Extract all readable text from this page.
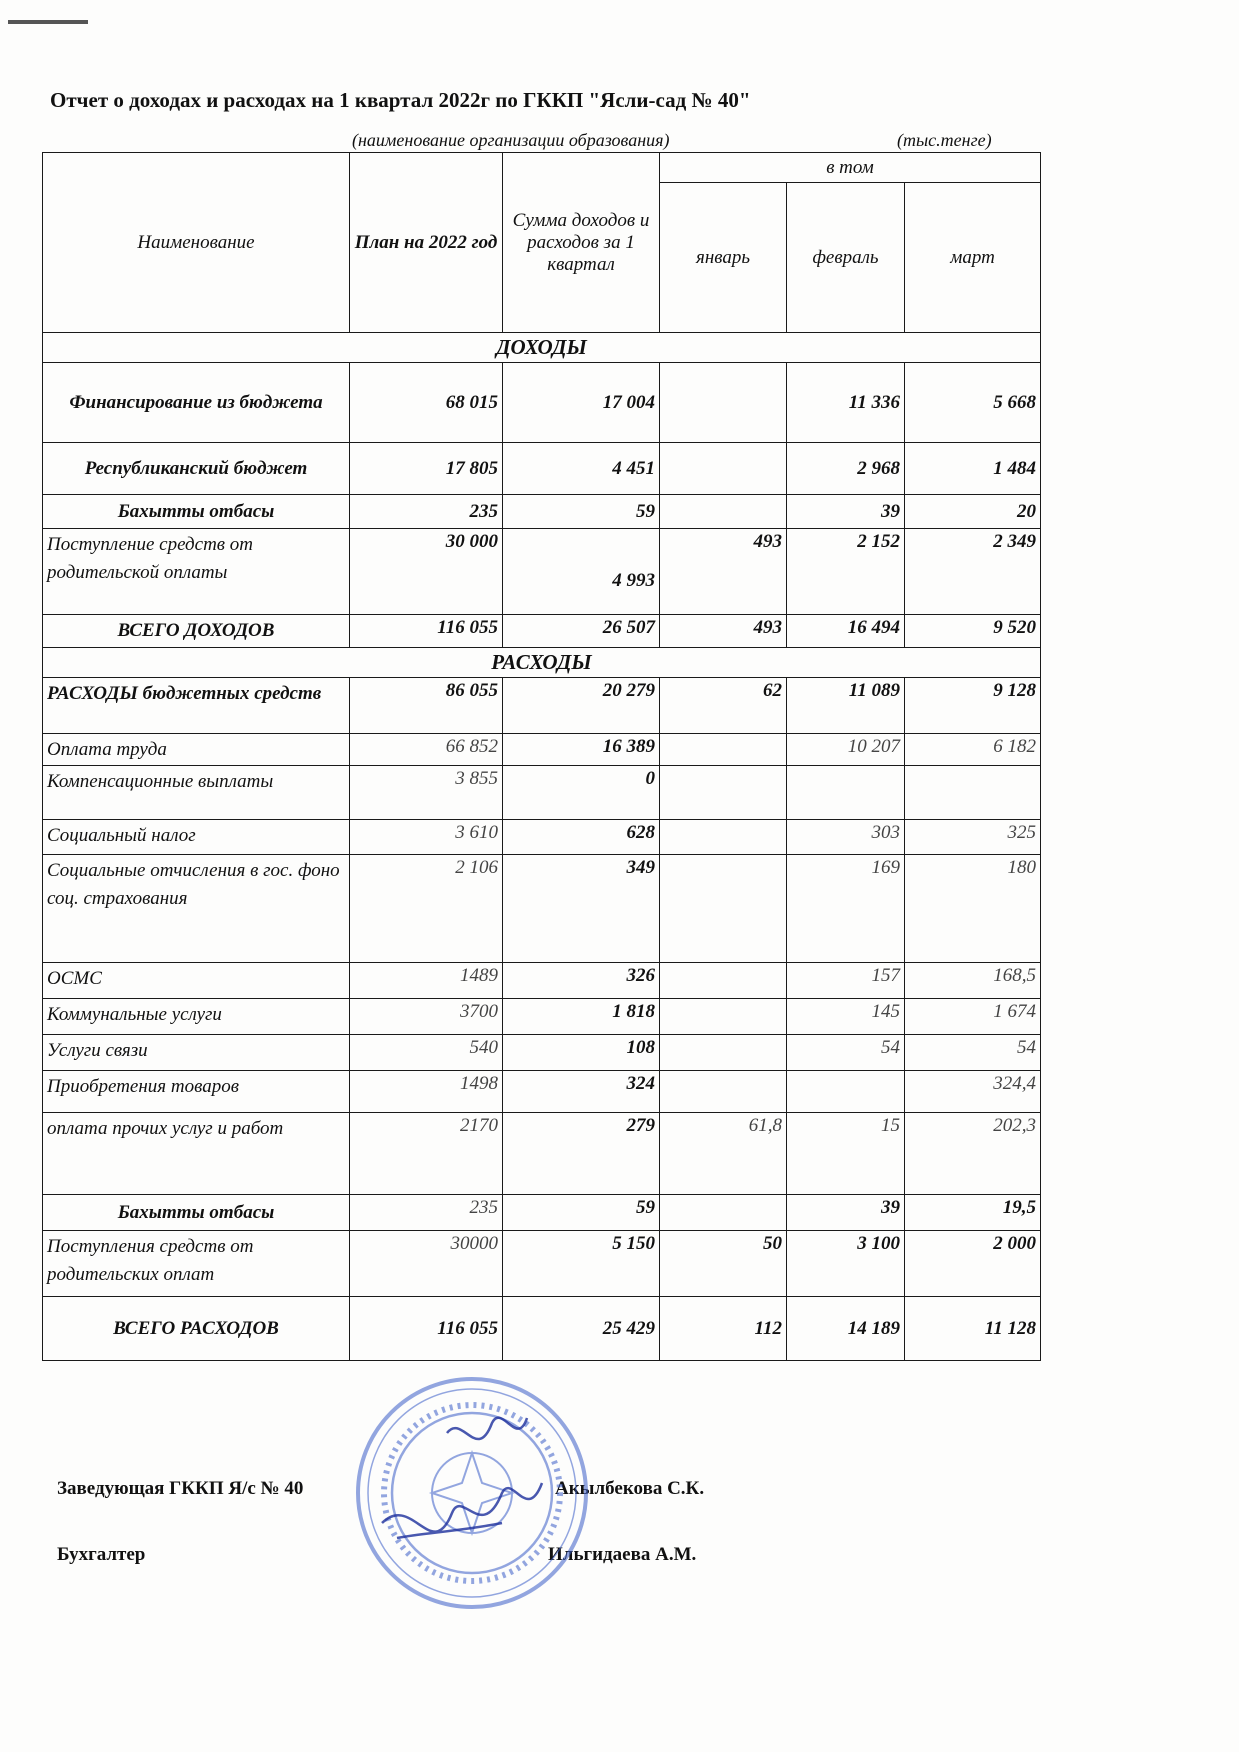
Отчет о доходах и расходах на 1 квартал 2022г по ГККП "Ясли-сад № 40"
(наименование организации образования)	(тыс.тенге)
Наименование	План на 2022 год	Сумма доходов и расходов за 1 квартал	в том		
			январь	февраль	март
ДОХОДЫ					
Финансирование из бюджета	68 015	17 004		11 336	5 668
Республиканский бюджет	17 805	4 451		2 968	1 484
Бахытты отбасы	235	59		39	20
Поступление средств от родительской оплаты	30 000	4 993	493	2 152	2 349
ВСЕГО ДОХОДОВ	116 055	26 507	493	16 494	9 520
РАСХОДЫ					
РАСХОДЫ бюджетных средств	86 055	20 279	62	11 089	9 128
Оплата труда	66 852	16 389		10 207	6 182
Компенсационные выплаты	3 855	0			
Социальный налог	3 610	628		303	325
Социальные отчисления в гос. фоно соц. страхования	2 106	349		169	180
ОСМС	1489	326		157	168,5
Коммунальные услуги	3700	1 818		145	1 674
Услуги связи	540	108		54	54
Приобретения товаров	1498	324			324,4
оплата прочих услуг и работ	2170	279	61,8	15	202,3
Бахытты отбасы	235	59		39	19,5
Поступления средств от родительских оплат	30000	5 150	50	3 100	2 000
ВСЕГО РАСХОДОВ	116 055	25 429	112	14 189	11 128
Заведующая ГККП Я/с № 40	Акылбекова С.К.
Бухгалтер	Ильгидаева А.М.
